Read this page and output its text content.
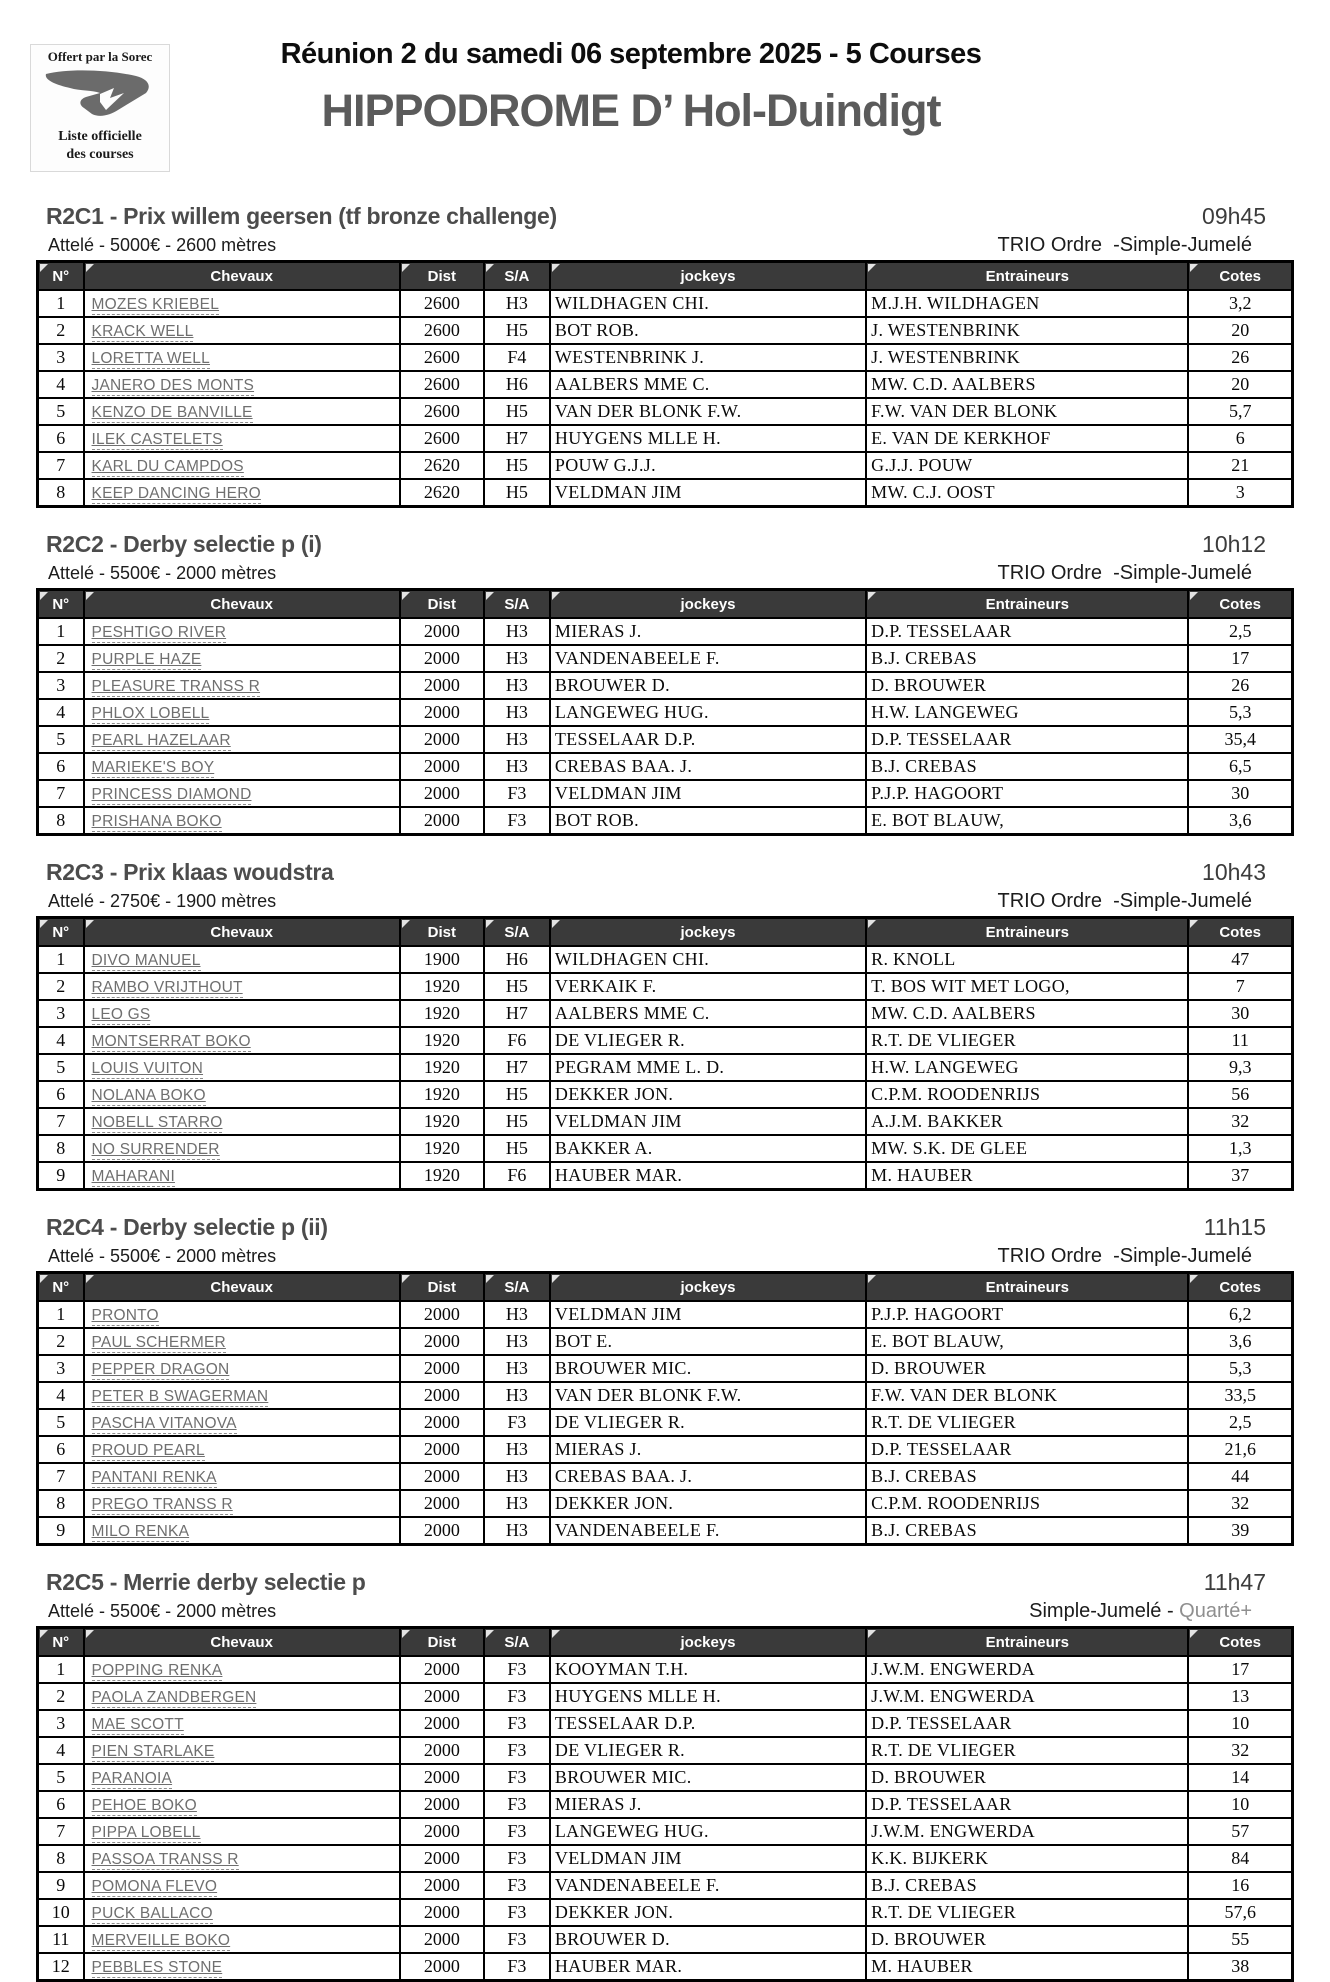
Offert par la Sorec
Liste officielle
des courses
Réunion 2 du samedi 06 septembre 2025 - 5 Courses
HIPPODROME D’ Hol-Duindigt
R2C1 - Prix willem geersen (tf bronze challenge)	09h45
Attelé - 5000€ - 2600 mètres	TRIO Ordre  -Simple-Jumelé
N°	Chevaux	Dist	S/A	jockeys	Entraineurs	Cotes
1	MOZES KRIEBEL	2600	H3	WILDHAGEN CHI.	M.J.H. WILDHAGEN	3,2
2	KRACK WELL	2600	H5	BOT ROB.	J. WESTENBRINK	20
3	LORETTA WELL	2600	F4	WESTENBRINK J.	J. WESTENBRINK	26
4	JANERO DES MONTS	2600	H6	AALBERS MME C.	MW. C.D. AALBERS	20
5	KENZO DE BANVILLE	2600	H5	VAN DER BLONK F.W.	F.W. VAN DER BLONK	5,7
6	ILEK CASTELETS	2600	H7	HUYGENS MLLE H.	E. VAN DE KERKHOF	6
7	KARL DU CAMPDOS	2620	H5	POUW G.J.J.	G.J.J. POUW	21
8	KEEP DANCING HERO	2620	H5	VELDMAN JIM	MW. C.J. OOST	3
R2C2 - Derby selectie p (i)	10h12
Attelé - 5500€ - 2000 mètres	TRIO Ordre  -Simple-Jumelé
N°	Chevaux	Dist	S/A	jockeys	Entraineurs	Cotes
1	PESHTIGO RIVER	2000	H3	MIERAS J.	D.P. TESSELAAR	2,5
2	PURPLE HAZE	2000	H3	VANDENABEELE F.	B.J. CREBAS	17
3	PLEASURE TRANSS R	2000	H3	BROUWER D.	D. BROUWER	26
4	PHLOX LOBELL	2000	H3	LANGEWEG HUG.	H.W. LANGEWEG	5,3
5	PEARL HAZELAAR	2000	H3	TESSELAAR D.P.	D.P. TESSELAAR	35,4
6	MARIEKE'S BOY	2000	H3	CREBAS BAA. J.	B.J. CREBAS	6,5
7	PRINCESS DIAMOND	2000	F3	VELDMAN JIM	P.J.P. HAGOORT	30
8	PRISHANA BOKO	2000	F3	BOT ROB.	E. BOT BLAUW,	3,6
R2C3 - Prix klaas woudstra	10h43
Attelé - 2750€ - 1900 mètres	TRIO Ordre  -Simple-Jumelé
N°	Chevaux	Dist	S/A	jockeys	Entraineurs	Cotes
1	DIVO MANUEL	1900	H6	WILDHAGEN CHI.	R. KNOLL	47
2	RAMBO VRIJTHOUT	1920	H5	VERKAIK F.	T. BOS WIT MET LOGO,	7
3	LEO GS	1920	H7	AALBERS MME C.	MW. C.D. AALBERS	30
4	MONTSERRAT BOKO	1920	F6	DE VLIEGER R.	R.T. DE VLIEGER	11
5	LOUIS VUITON	1920	H7	PEGRAM MME L. D.	H.W. LANGEWEG	9,3
6	NOLANA BOKO	1920	H5	DEKKER JON.	C.P.M. ROODENRIJS	56
7	NOBELL STARRO	1920	H5	VELDMAN JIM	A.J.M. BAKKER	32
8	NO SURRENDER	1920	H5	BAKKER A.	MW. S.K. DE GLEE	1,3
9	MAHARANI	1920	F6	HAUBER MAR.	M. HAUBER	37
R2C4 - Derby selectie p (ii)	11h15
Attelé - 5500€ - 2000 mètres	TRIO Ordre  -Simple-Jumelé
N°	Chevaux	Dist	S/A	jockeys	Entraineurs	Cotes
1	PRONTO	2000	H3	VELDMAN JIM	P.J.P. HAGOORT	6,2
2	PAUL SCHERMER	2000	H3	BOT E.	E. BOT BLAUW,	3,6
3	PEPPER DRAGON	2000	H3	BROUWER MIC.	D. BROUWER	5,3
4	PETER B SWAGERMAN	2000	H3	VAN DER BLONK F.W.	F.W. VAN DER BLONK	33,5
5	PASCHA VITANOVA	2000	F3	DE VLIEGER R.	R.T. DE VLIEGER	2,5
6	PROUD PEARL	2000	H3	MIERAS J.	D.P. TESSELAAR	21,6
7	PANTANI RENKA	2000	H3	CREBAS BAA. J.	B.J. CREBAS	44
8	PREGO TRANSS R	2000	H3	DEKKER JON.	C.P.M. ROODENRIJS	32
9	MILO RENKA	2000	H3	VANDENABEELE F.	B.J. CREBAS	39
R2C5 - Merrie derby selectie p	11h47
Attelé - 5500€ - 2000 mètres	Simple-Jumelé - Quarté+
N°	Chevaux	Dist	S/A	jockeys	Entraineurs	Cotes
1	POPPING RENKA	2000	F3	KOOYMAN T.H.	J.W.M. ENGWERDA	17
2	PAOLA ZANDBERGEN	2000	F3	HUYGENS MLLE H.	J.W.M. ENGWERDA	13
3	MAE SCOTT	2000	F3	TESSELAAR D.P.	D.P. TESSELAAR	10
4	PIEN STARLAKE	2000	F3	DE VLIEGER R.	R.T. DE VLIEGER	32
5	PARANOIA	2000	F3	BROUWER MIC.	D. BROUWER	14
6	PEHOE BOKO	2000	F3	MIERAS J.	D.P. TESSELAAR	10
7	PIPPA LOBELL	2000	F3	LANGEWEG HUG.	J.W.M. ENGWERDA	57
8	PASSOA TRANSS R	2000	F3	VELDMAN JIM	K.K. BIJKERK	84
9	POMONA FLEVO	2000	F3	VANDENABEELE F.	B.J. CREBAS	16
10	PUCK BALLACO	2000	F3	DEKKER JON.	R.T. DE VLIEGER	57,6
11	MERVEILLE BOKO	2000	F3	BROUWER D.	D. BROUWER	55
12	PEBBLES STONE	2000	F3	HAUBER MAR.	M. HAUBER	38
